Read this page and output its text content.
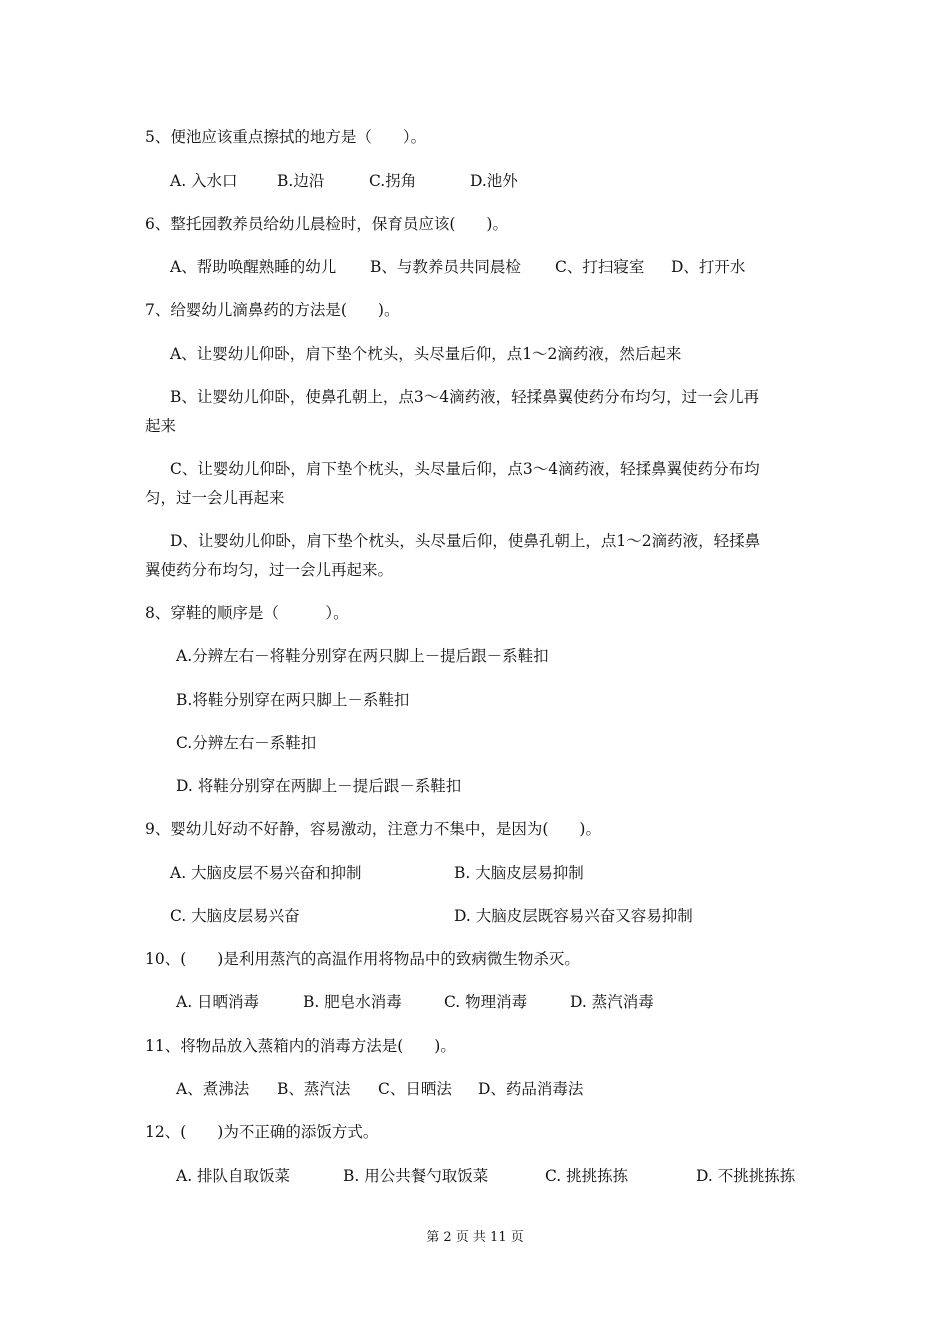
5、便池应该重点擦拭的地方是（　　）。
A. 入水口	B.边沿	C.拐角	D.池外
6、整托园教养员给幼儿晨检时，保育员应该(　　)。
A、帮助唤醒熟睡的幼儿 B、与教养员共同晨检 C、打扫寝室 D、打开水
7、给婴幼儿滴鼻药的方法是(　　)。
A、让婴幼儿仰卧，肩下垫个枕头，头尽量后仰，点1～2滴药液，然后起来
B、让婴幼儿仰卧，使鼻孔朝上，点3～4滴药液，轻揉鼻翼使药分布均匀，过一会儿再
起来
C、让婴幼儿仰卧，肩下垫个枕头，头尽量后仰，点3～4滴药液，轻揉鼻翼使药分布均
匀，过一会儿再起来
D、让婴幼儿仰卧，肩下垫个枕头，头尽量后仰，使鼻孔朝上，点1～2滴药液，轻揉鼻
翼使药分布均匀，过一会儿再起来。
8、穿鞋的顺序是（　　　）。
A.分辨左右－将鞋分别穿在两只脚上－提后跟－系鞋扣
B.将鞋分别穿在两只脚上－系鞋扣
C.分辨左右－系鞋扣
D. 将鞋分别穿在两脚上－提后跟－系鞋扣
9、婴幼儿好动不好静，容易激动，注意力不集中，是因为(　　)。
A. 大脑皮层不易兴奋和抑制	B. 大脑皮层易抑制
C. 大脑皮层易兴奋	D. 大脑皮层既容易兴奋又容易抑制
10、(　　)是利用蒸汽的高温作用将物品中的致病微生物杀灭。
A. 日晒消毒	B. 肥皂水消毒	C. 物理消毒	D. 蒸汽消毒
11、将物品放入蒸箱内的消毒方法是(　　)。
A、煮沸法 B、蒸汽法 C、日晒法 D、药品消毒法
12、(　　)为不正确的添饭方式。
A. 排队自取饭菜	B. 用公共餐勺取饭菜	C. 挑挑拣拣	D. 不挑挑拣拣
第 2 页 共 11 页
